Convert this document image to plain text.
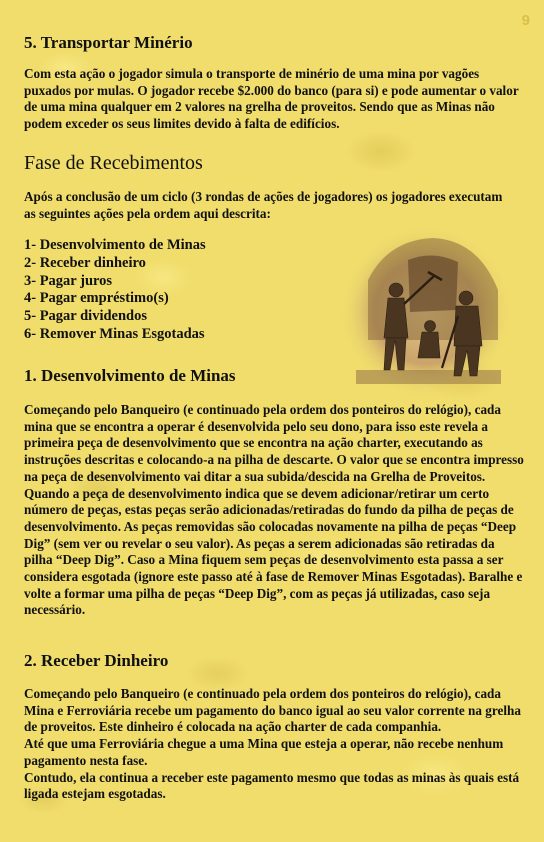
9
5. Transportar Minério

Com esta ação o jogador simula o transporte de minério de uma mina por vagões puxados por mulas. O jogador recebe $2.000 do banco (para si) e pode aumentar o valor de uma mina qualquer em 2 valores na grelha de proveitos. Sendo que as Minas não podem exceder os seus limites devido à falta de edifícios.

Fase de Recebimentos

Após a conclusão de um ciclo (3 rondas de ações de jogadores) os jogadores executam as seguintes ações pela ordem aqui descrita:

1- Desenvolvimento de Minas
2- Receber dinheiro
3- Pagar juros
4- Pagar empréstimo(s)
5- Pagar dividendos
6- Remover Minas Esgotadas
1. Desenvolvimento de Minas

Começando pelo Banqueiro (e continuado pela ordem dos ponteiros do relógio), cada mina que se encontra a operar é desenvolvida pelo seu dono, para isso este revela a primeira peça de desenvolvimento que se encontra na ação charter, executando as instruções descritas e colocando-a na pilha de descarte. O valor que se encontra impresso na peça de desenvolvimento vai ditar a sua subida/descida na Grelha de Proveitos. Quando a peça de desenvolvimento indica que se devem adicionar/retirar um certo número de peças, estas peças serão adicionadas/retiradas do fundo da pilha de peças de desenvolvimento. As peças removidas são colocadas novamente na pilha de peças “Deep Dig” (sem ver ou revelar o seu valor). As peças a serem adicionadas são retiradas da pilha “Deep Dig”. Caso a Mina fiquem sem peças de desenvolvimento esta passa a ser considera esgotada (ignore este passo até à fase de Remover Minas Esgotadas). Baralhe e volte a formar uma pilha de peças “Deep Dig”, com as peças já utilizadas, caso seja necessário.

2. Receber Dinheiro

Começando pelo Banqueiro (e continuado pela ordem dos ponteiros do relógio), cada Mina e Ferroviária recebe um pagamento do banco igual ao seu valor corrente na grelha de proveitos. Este dinheiro é colocada na ação charter de cada companhia.

Até que uma Ferroviária chegue a uma Mina que esteja a operar, não recebe nenhum pagamento nesta fase.

Contudo, ela continua a receber este pagamento mesmo que todas as minas às quais está ligada estejam esgotadas.
